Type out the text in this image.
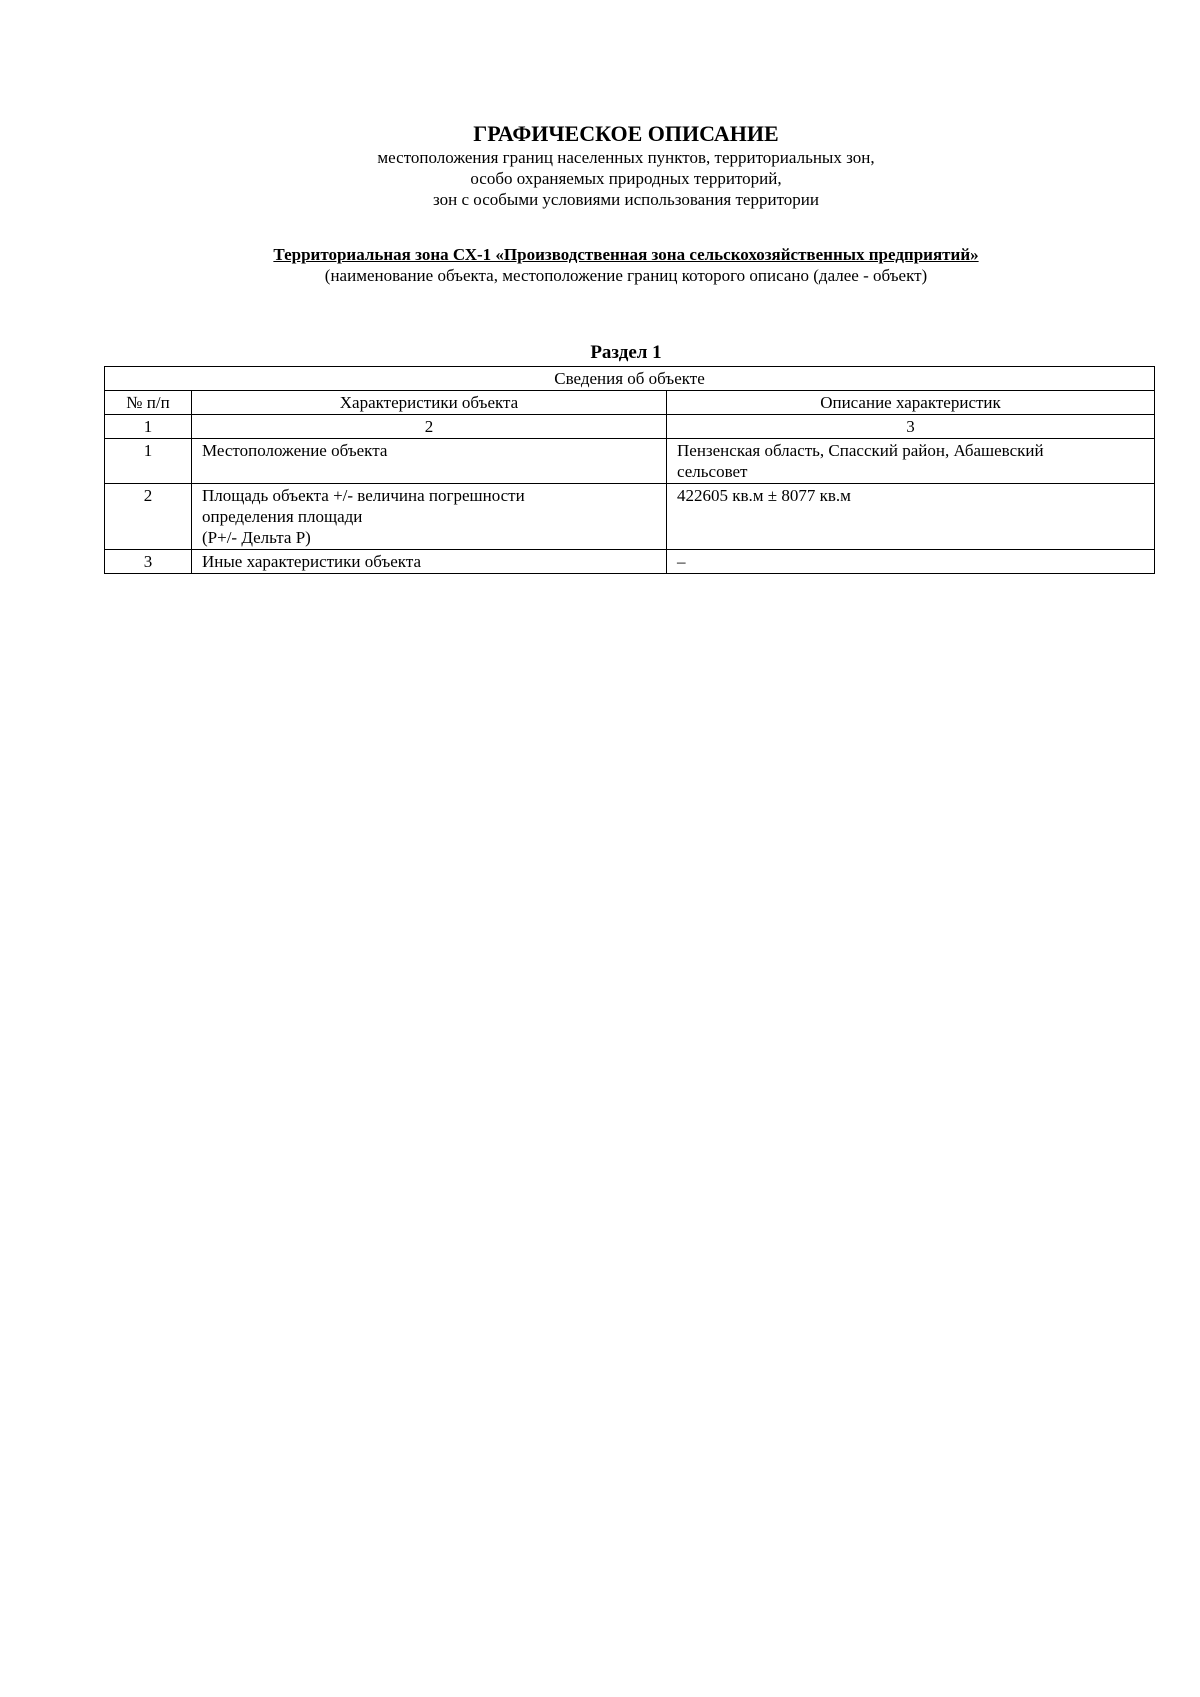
ГРАФИЧЕСКОЕ ОПИСАНИЕ

местоположения границ населенных пунктов, территориальных зон,

особо охраняемых природных территорий,

зон с особыми условиями использования территории

Территориальная зона СХ-1 «Производственная зона сельскохозяйственных предприятий»

(наименование объекта, местоположение границ которого описано (далее - объект)

Раздел 1
Сведения об объекте		
№ п/п	Характеристики объекта	Описание характеристик
1	2	3
1	Местоположение объекта	Пензенская область, Спасский район, Абашевский
сельсовет

2	Площадь объекта +/- величина погрешности
определения площади
(P+/- Дельта P)	422605 кв.м ± 8077 кв.м

3	Иные характеристики объекта	–
